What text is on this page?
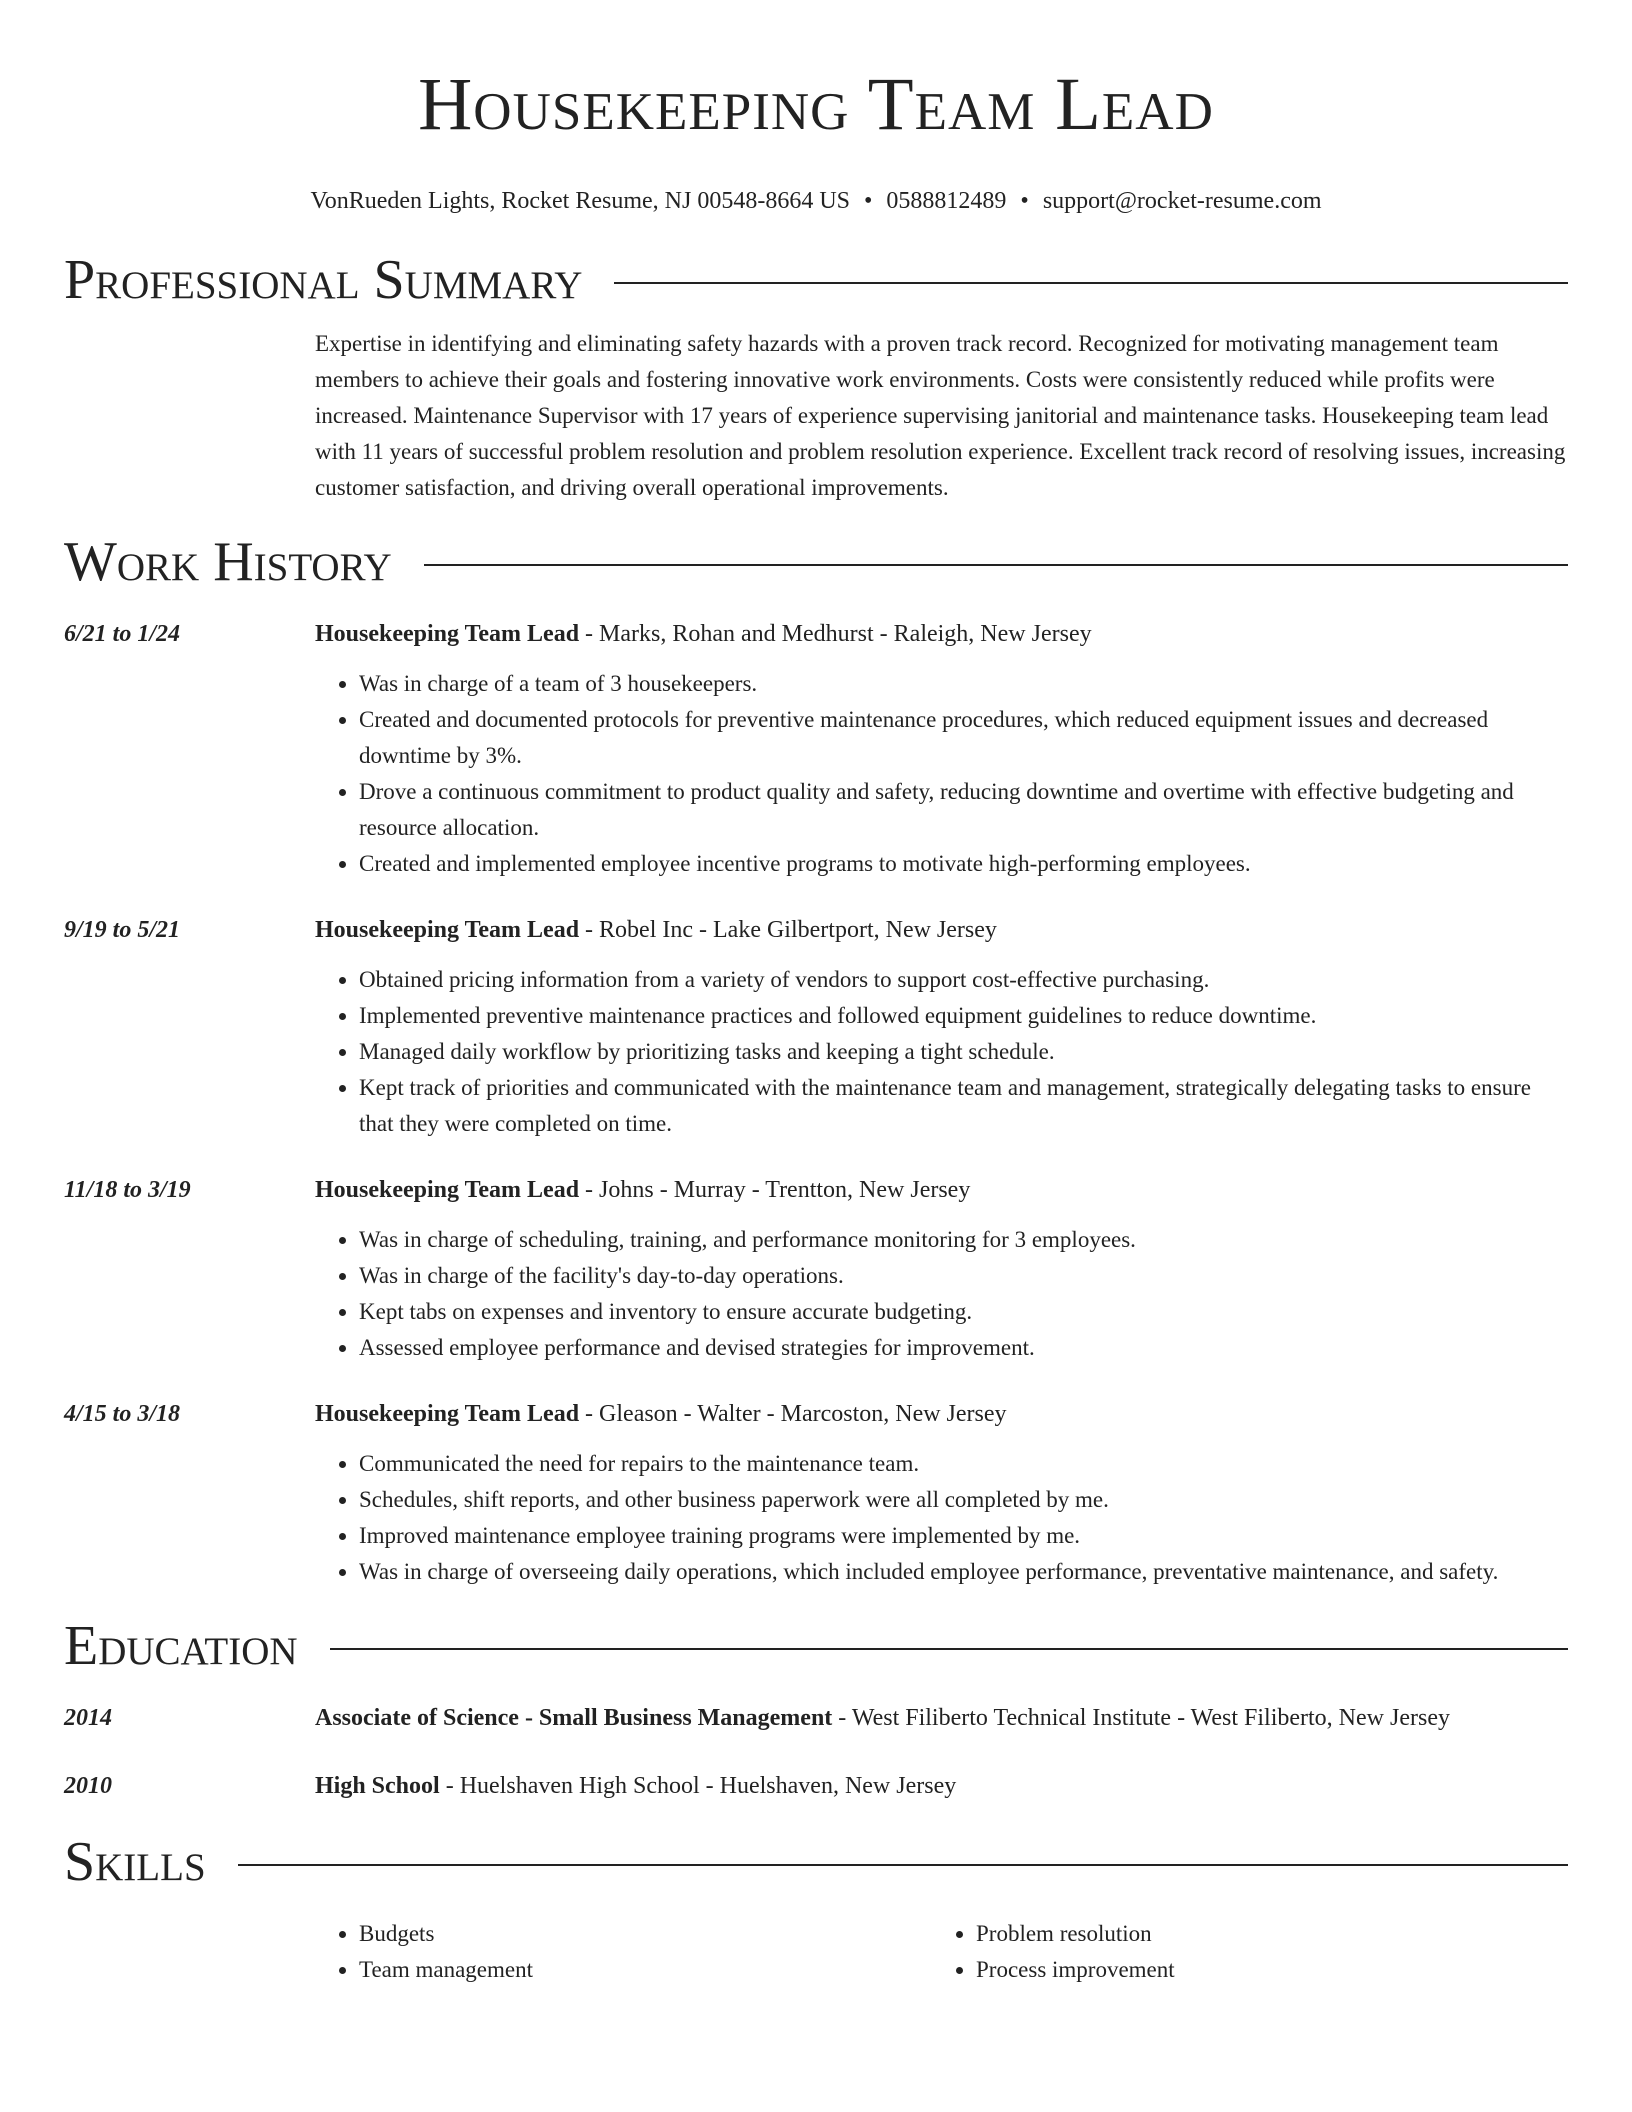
Housekeeping Team Lead
VonRueden Lights, Rocket Resume, NJ 00548-8664 US • 0588812489 • support@rocket-resume.com
Professional Summary
Expertise in identifying and eliminating safety hazards with a proven track record. Recognized for motivating management team members to achieve their goals and fostering innovative work environments. Costs were consistently reduced while profits were increased. Maintenance Supervisor with 17 years of experience supervising janitorial and maintenance tasks. Housekeeping team lead with 11 years of successful problem resolution and problem resolution experience. Excellent track record of resolving issues, increasing customer satisfaction, and driving overall operational improvements.
Work History
6/21 to 1/24	Housekeeping Team Lead - Marks, Rohan and Medhurst - Raleigh, New Jersey
• Was in charge of a team of 3 housekeepers.
• Created and documented protocols for preventive maintenance procedures, which reduced equipment issues and decreased downtime by 3%.
• Drove a continuous commitment to product quality and safety, reducing downtime and overtime with effective budgeting and resource allocation.
• Created and implemented employee incentive programs to motivate high-performing employees.
9/19 to 5/21	Housekeeping Team Lead - Robel Inc - Lake Gilbertport, New Jersey
• Obtained pricing information from a variety of vendors to support cost-effective purchasing.
• Implemented preventive maintenance practices and followed equipment guidelines to reduce downtime.
• Managed daily workflow by prioritizing tasks and keeping a tight schedule.
• Kept track of priorities and communicated with the maintenance team and management, strategically delegating tasks to ensure that they were completed on time.
11/18 to 3/19	Housekeeping Team Lead - Johns - Murray - Trentton, New Jersey
• Was in charge of scheduling, training, and performance monitoring for 3 employees.
• Was in charge of the facility's day-to-day operations.
• Kept tabs on expenses and inventory to ensure accurate budgeting.
• Assessed employee performance and devised strategies for improvement.
4/15 to 3/18	Housekeeping Team Lead - Gleason - Walter - Marcoston, New Jersey
• Communicated the need for repairs to the maintenance team.
• Schedules, shift reports, and other business paperwork were all completed by me.
• Improved maintenance employee training programs were implemented by me.
• Was in charge of overseeing daily operations, which included employee performance, preventative maintenance, and safety.
Education
2014	Associate of Science - Small Business Management - West Filiberto Technical Institute - West Filiberto, New Jersey
2010	High School - Huelshaven High School - Huelshaven, New Jersey
Skills
• Budgets
• Team management
• Problem resolution
• Process improvement
